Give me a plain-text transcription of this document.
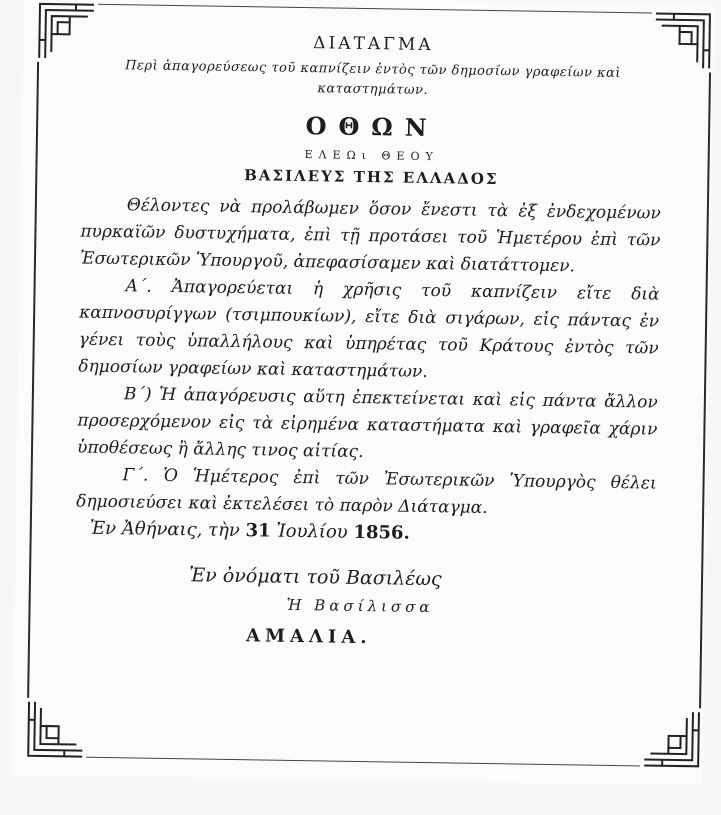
ΔΙΑΤΑΓΜΑ
Περὶ ἀπαγορεύσεως τοῦ καπνίζειν ἐντὸς τῶν δημοσίων γραφείων καὶ καταστημάτων.
ΟΘΩΝ
ΕΛΕΩι ΘΕΟΥ
ΒΑΣΙΛΕΥΣ ΤΗΣ ΕΛΛΑΔΟΣ

Θέλοντες νὰ προλάβωμεν ὅσον ἔνεστι τὰ ἐξ ἐνδεχομένων πυρκαϊῶν δυστυχήματα, ἐπὶ τῇ προτάσει τοῦ Ἡμετέρου ἐπὶ τῶν Ἐσωτερικῶν Ὑπουργοῦ, ἀπεφασίσαμεν καὶ διατάττομεν.

Α΄. Ἀπαγορεύεται ἡ χρῆσις τοῦ καπνίζειν εἴτε διὰ καπνοσυρίγγων (τσιμπουκίων), εἴτε διὰ σιγάρων, εἰς πάντας ἐν γένει τοὺς ὑπαλλήλους καὶ ὑπηρέτας τοῦ Κράτους ἐντὸς τῶν δημοσίων γραφείων καὶ καταστημάτων.

Β΄) Ἡ ἀπαγόρευσις αὕτη ἐπεκτείνεται καὶ εἰς πάντα ἄλλον προσερχόμενον εἰς τὰ εἰρημένα καταστήματα καὶ γραφεῖα χάριν ὑποθέσεως ἢ ἄλλης τινος αἰτίας.

Γ΄. Ὁ Ἡμέτερος ἐπὶ τῶν Ἐσωτερικῶν Ὑπουργὸς θέλει δημοσιεύσει καὶ ἐκτελέσει τὸ παρὸν Διάταγμα.

Ἐν Ἀθήναις, τὴν 31 Ἰουλίου 1856.
Ἐν ὀνόματι τοῦ Βασιλέως
Ἡ Βασίλισσα
ΑΜΑΛΙΑ.
